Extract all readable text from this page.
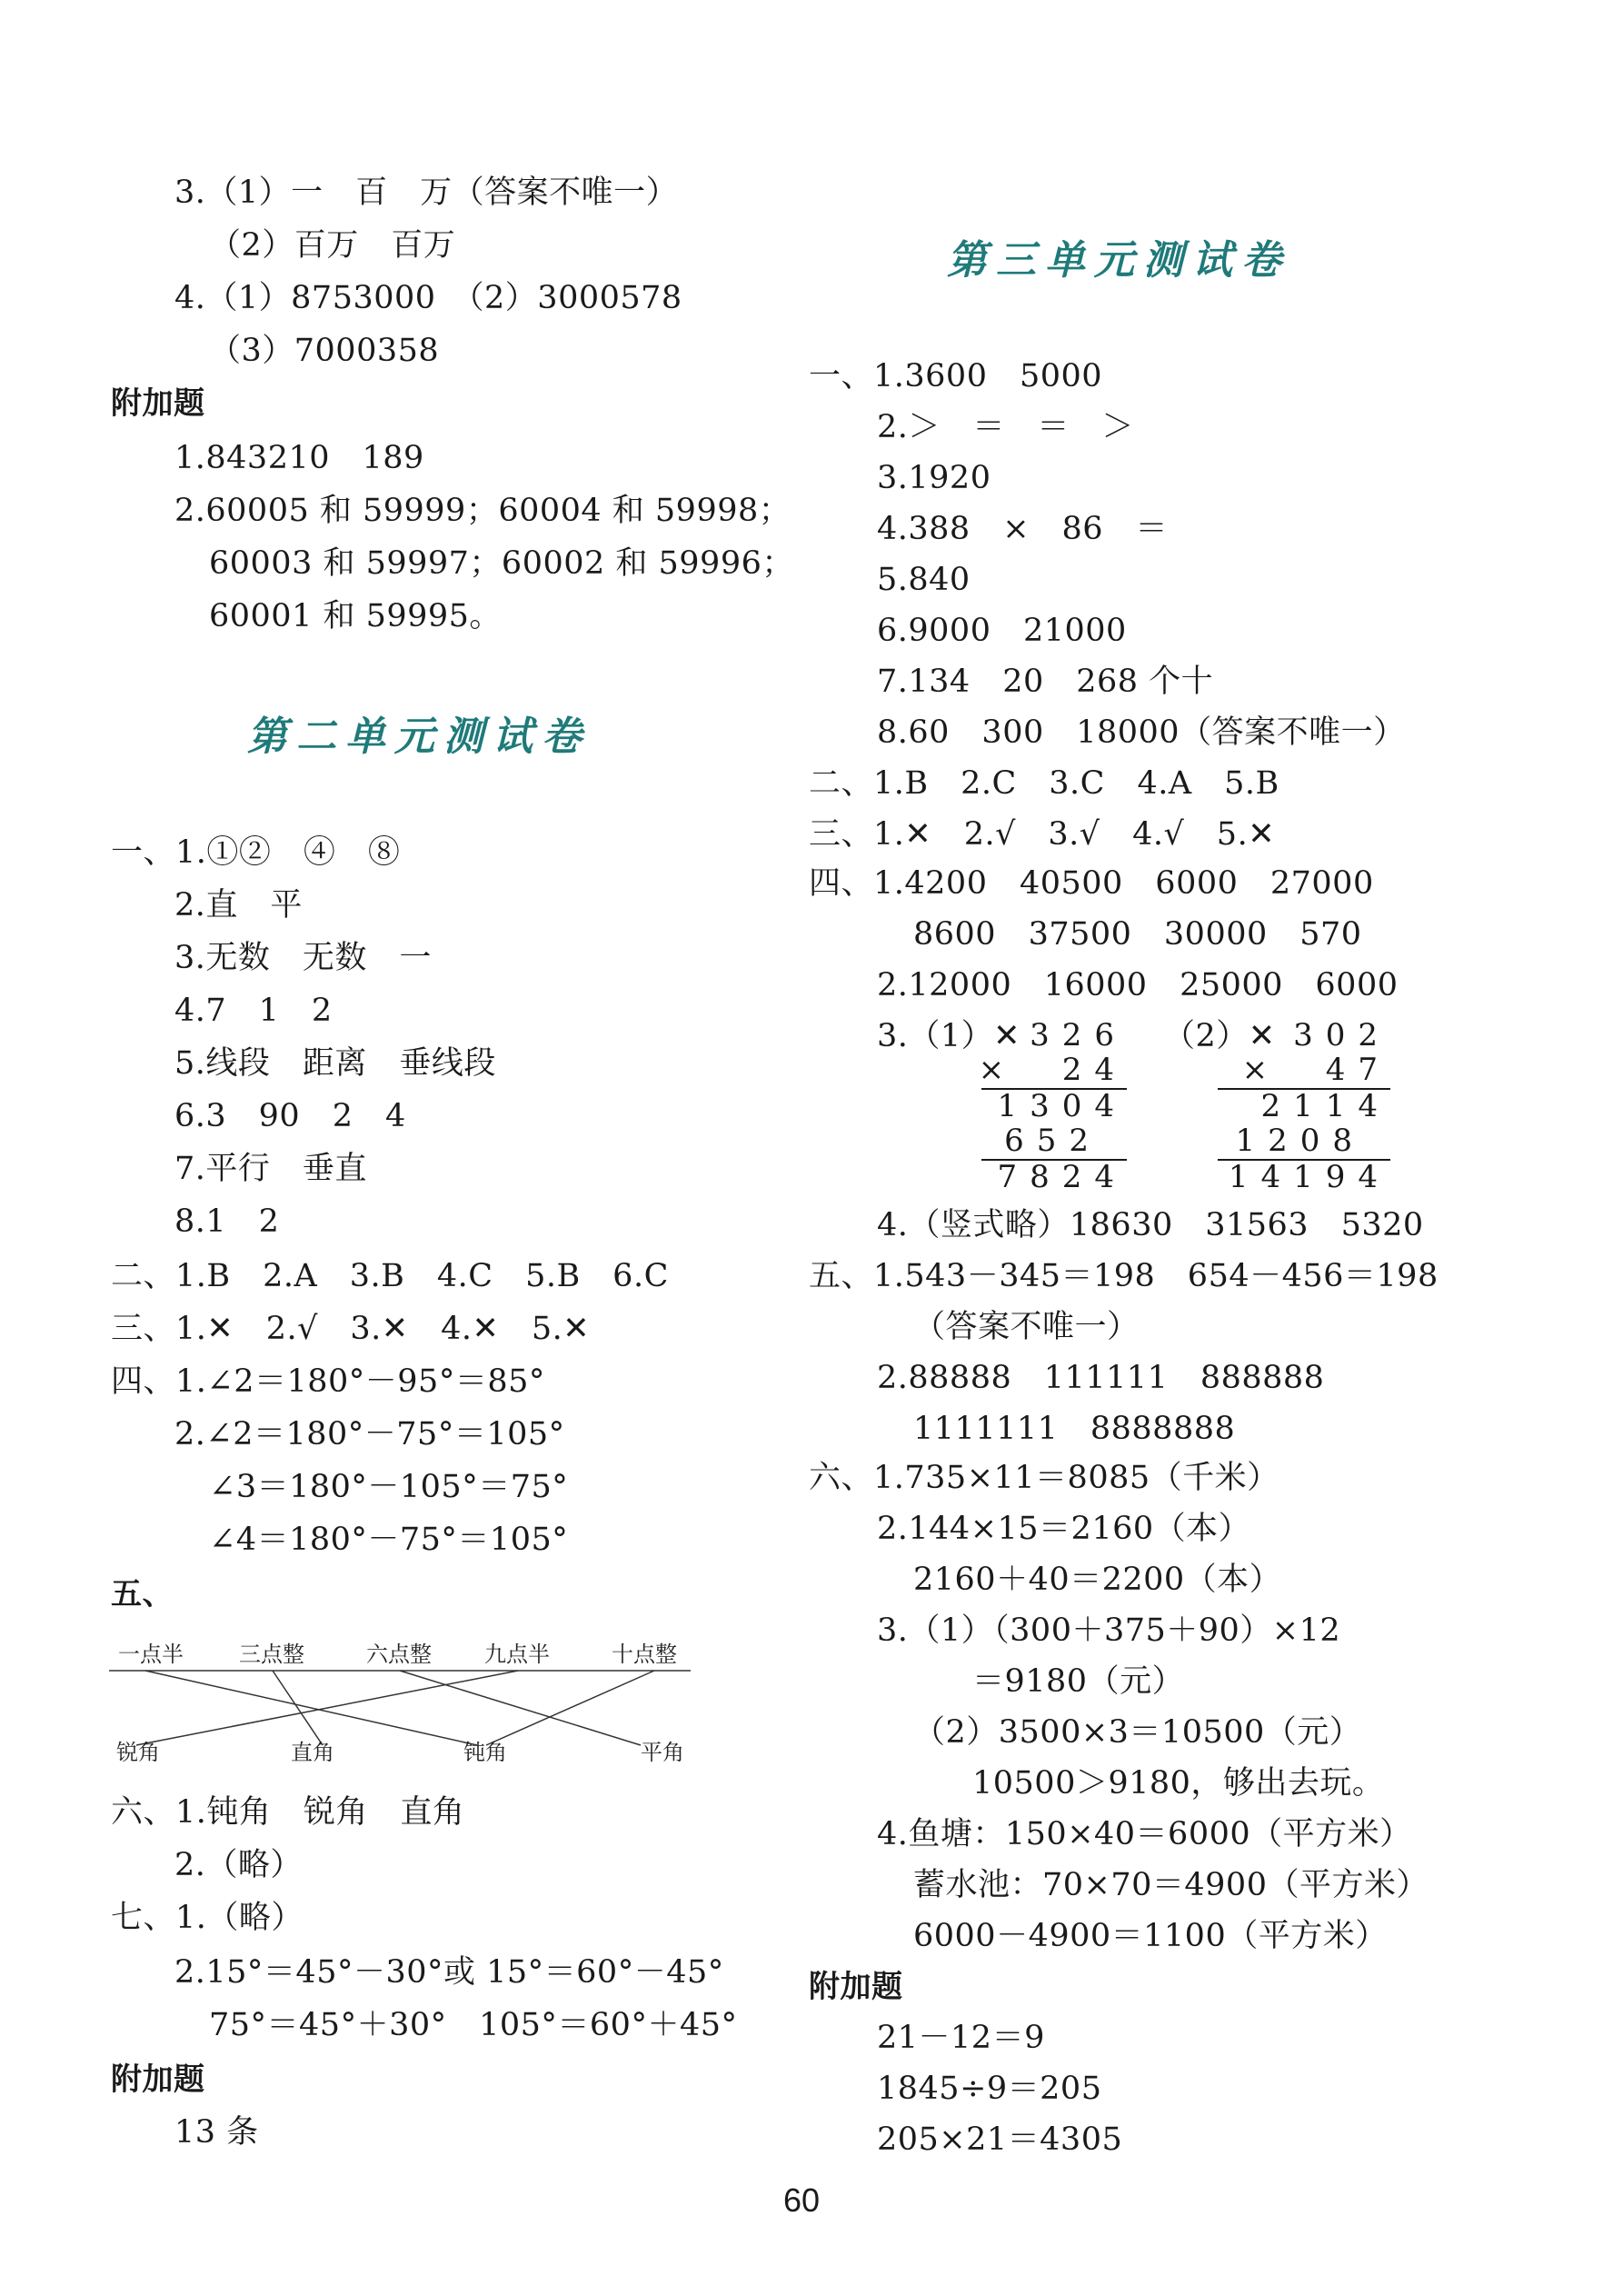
3.（1）一　百　万（答案不唯一）
（2）百万　百万
4.（1）8753000　（2）3000578
（3）7000358
附加题
1.843210　189
2.60005 和 59999；60004 和 59998；
60003 和 59997；60002 和 59996；
60001 和 59995。
第二单元测试卷
一、1.①②　④　⑧
2.直　平
3.无数　无数　一
4.7　1　2
5.线段　距离　垂线段
6.3　90　2　4
7.平行　垂直
8.1　2
二、1.B　2.A　3.B　4.C　5.B　6.C
三、1.✕　2.√　3.✕　4.✕　5.✕
四、1.∠2＝180°－95°＝85°
2.∠2＝180°－75°＝105°
∠3＝180°－105°＝75°
∠4＝180°－75°＝105°
五、
一点半	三点整	六点整 九点半	十点整
锐角	直角	钝角	平角
六、1.钝角　锐角　直角
2.（略）
七、1.（略）
2.15°＝45°－30°或 15°＝60°－45°
75°＝45°＋30°　105°＝60°＋45°
附加题
13 条
第三单元测试卷
一、1.3600　5000
2.＞　＝　＝　＞
3.1920
4.388　×　86　＝
5.840
6.9000　21000
7.134　20　268 个十
8.60　300　18000（答案不唯一）
二、1.B　2.C　3.C　4.A　5.B
三、1.✕　2.√　3.√　4.√　5.✕
四、1.4200　40500　6000　27000
8600　37500　30000　570
2.12000　16000　25000　6000
3.（1）✕	（2）✕
326
×  24
1304
652
7824
302
×  47
2114
1208
14194
4.（竖式略）18630　31563　5320
五、1.543－345＝198　654－456＝198
（答案不唯一）
2.88888　111111　888888
1111111　8888888
六、1.735×11＝8085（千米）
2.144×15＝2160（本）
2160＋40＝2200（本）
3.（1）（300＋375＋90）×12
＝9180（元）
（2）3500×3＝10500（元）
10500＞9180，够出去玩。
4.鱼塘：150×40＝6000（平方米）
蓄水池：70×70＝4900（平方米）
6000－4900＝1100（平方米）
附加题
21－12＝9
1845÷9＝205
205×21＝4305
60
